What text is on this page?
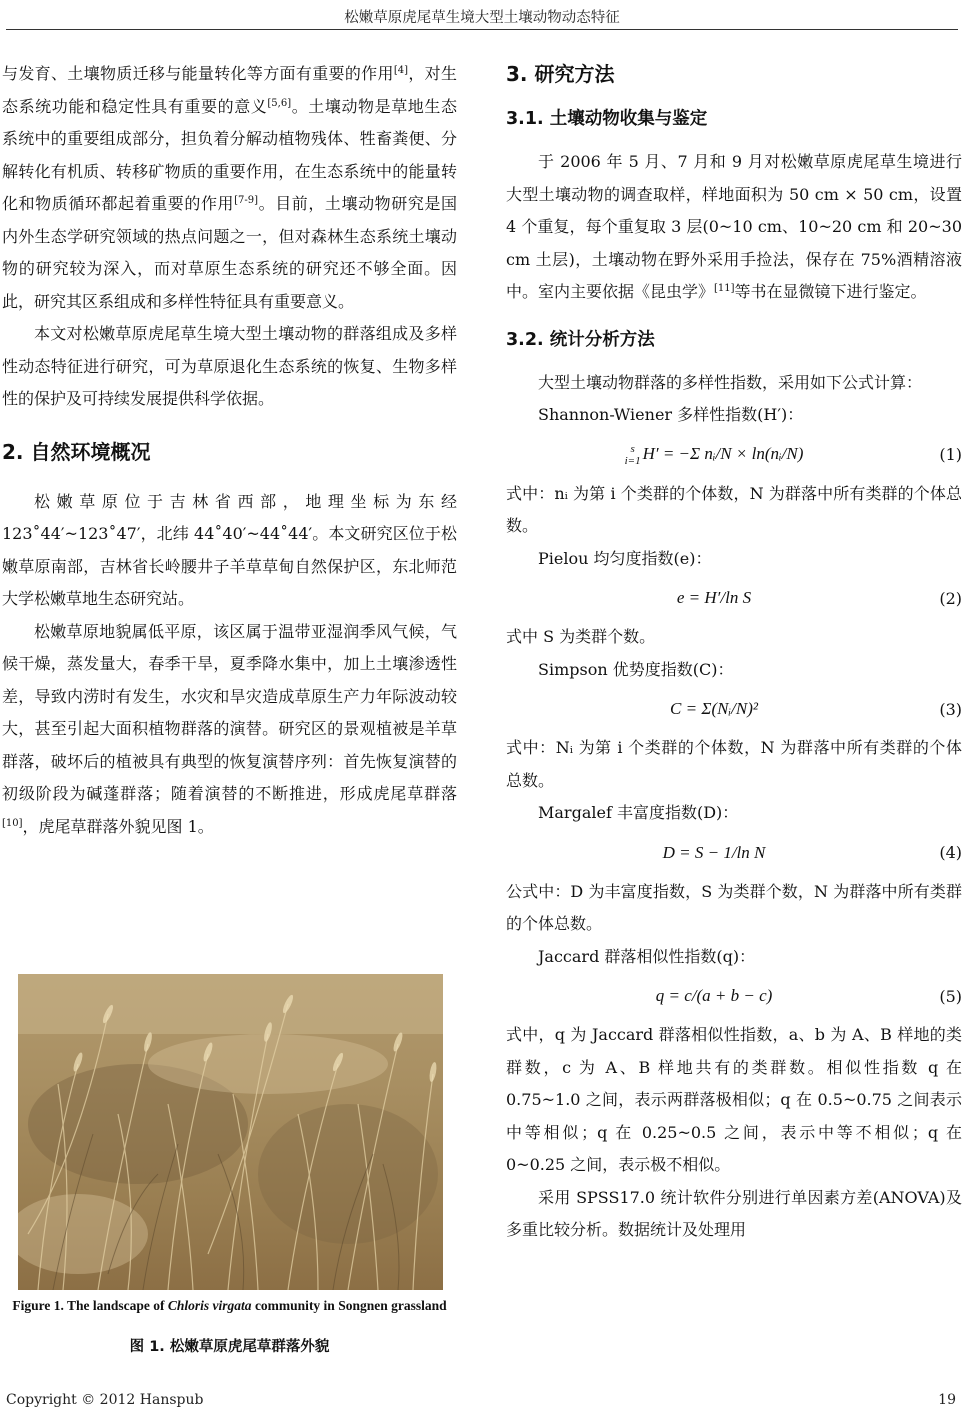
松嫩草原虎尾草生境大型土壤动物动态特征

与发育、土壤物质迁移与能量转化等方面有重要的作用[4]，对生态系统功能和稳定性具有重要的意义[5,6]。土壤动物是草地生态系统中的重要组成部分，担负着分解动植物残体、牲畜粪便、分解转化有机质、转移矿物质的重要作用，在生态系统中的能量转化和物质循环都起着重要的作用[7-9]。目前，土壤动物研究是国内外生态学研究领域的热点问题之一，但对森林生态系统土壤动物的研究较为深入，而对草原生态系统的研究还不够全面。因此，研究其区系组成和多样性特征具有重要意义。

本文对松嫩草原虎尾草生境大型土壤动物的群落组成及多样性动态特征进行研究，可为草原退化生态系统的恢复、生物多样性的保护及可持续发展提供科学依据。

2. 自然环境概况

松嫩草原位于吉林省西部，地理坐标为东经123˚44′~123˚47′，北纬 44˚40′~44˚44′。本文研究区位于松嫩草原南部，吉林省长岭腰井子羊草草甸自然保护区，东北师范大学松嫩草地生态研究站。

松嫩草原地貌属低平原，该区属于温带亚湿润季风气候，气候干燥，蒸发量大，春季干旱，夏季降水集中，加上土壤渗透性差，导致内涝时有发生，水灾和旱灾造成草原生产力年际波动较大，甚至引起大面积植物群落的演替。研究区的景观植被是羊草群落，破坏后的植被具有典型的恢复演替序列：首先恢复演替的初级阶段为碱蓬群落；随着演替的不断推进，形成虎尾草群落[10]，虎尾草群落外貌见图 1。

Figure 1. The landscape of Chloris virgata community in Songnen grassland
图 1. 松嫩草原虎尾草群落外貌
3. 研究方法
3.1. 土壤动物收集与鉴定

于 2006 年 5 月、7 月和 9 月对松嫩草原虎尾草生境进行大型土壤动物的调查取样，样地面积为 50 cm × 50 cm，设置 4 个重复，每个重复取 3 层(0~10 cm、10~20 cm 和 20~30 cm 土层)，土壤动物在野外采用手捡法，保存在 75%酒精溶液中。室内主要依据《昆虫学》[11]等书在显微镜下进行鉴定。

3.2. 统计分析方法

大型土壤动物群落的多样性指数，采用如下公式计算：

Shannon-Wiener 多样性指数(H′)：

s
i=1 H′ = −Σ nᵢ/N × ln(nᵢ/N)	(1)

式中：nᵢ 为第 i 个类群的个体数，N 为群落中所有类群的个体总数。

Pielou 均匀度指数(e)：

e = H′/ln S	(2)

式中 S 为类群个数。

Simpson 优势度指数(C)：

C = Σ(Nᵢ/N)²	(3)

式中：Nᵢ 为第 i 个类群的个体数，N 为群落中所有类群的个体总数。

Margalef 丰富度指数(D)：

D = S − 1/ln N	(4)

公式中：D 为丰富度指数，S 为类群个数，N 为群落中所有类群的个体总数。

Jaccard 群落相似性指数(q)：

q = c/(a + b − c)	(5)

式中，q 为 Jaccard 群落相似性指数，a、b 为 A、B 样地的类群数，c 为 A、B 样地共有的类群数。相似性指数 q 在 0.75~1.0 之间，表示两群落极相似；q 在 0.5~0.75 之间表示中等相似；q 在 0.25~0.5 之间，表示中等不相似；q 在 0~0.25 之间，表示极不相似。

采用 SPSS17.0 统计软件分别进行单因素方差(ANOVA)及多重比较分析。数据统计及处理用

Copyright © 2012 Hanspub	19
